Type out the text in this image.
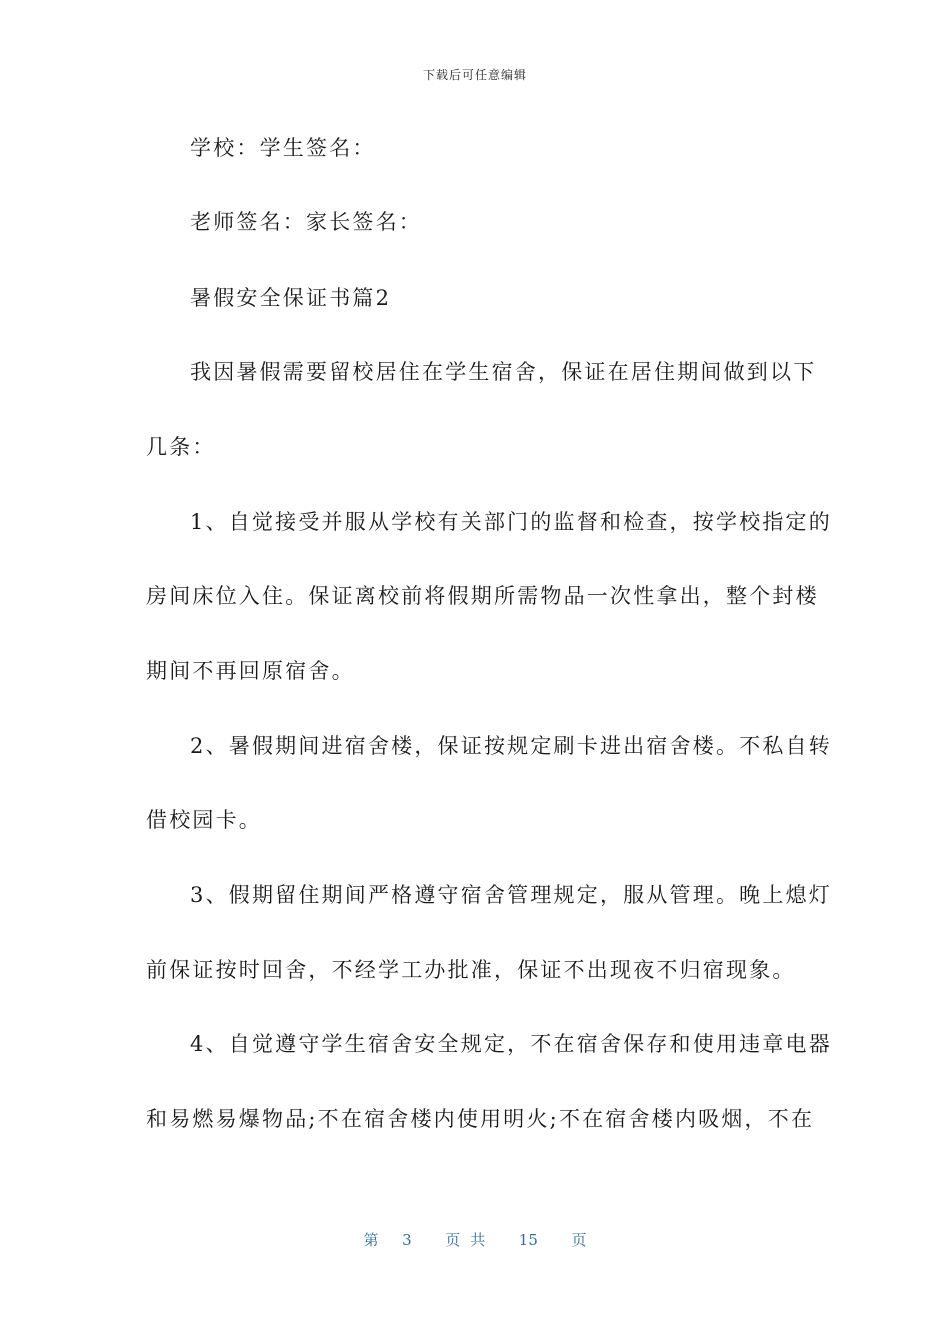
下载后可任意编辑
学校：学生签名：
老师签名：家长签名：
暑假安全保证书篇2
我因暑假需要留校居住在学生宿舍，保证在居住期间做到以下
几条：
1、自觉接受并服从学校有关部门的监督和检查，按学校指定的
房间床位入住。保证离校前将假期所需物品一次性拿出，整个封楼
期间不再回原宿舍。
2、暑假期间进宿舍楼，保证按规定刷卡进出宿舍楼。不私自转
借校园卡。
3、假期留住期间严格遵守宿舍管理规定，服从管理。晚上熄灯
前保证按时回舍，不经学工办批准，保证不出现夜不归宿现象。
4、自觉遵守学生宿舍安全规定，不在宿舍保存和使用违章电器
和易燃易爆物品;不在宿舍楼内使用明火;不在宿舍楼内吸烟，不在
第 3 页共 15 页
